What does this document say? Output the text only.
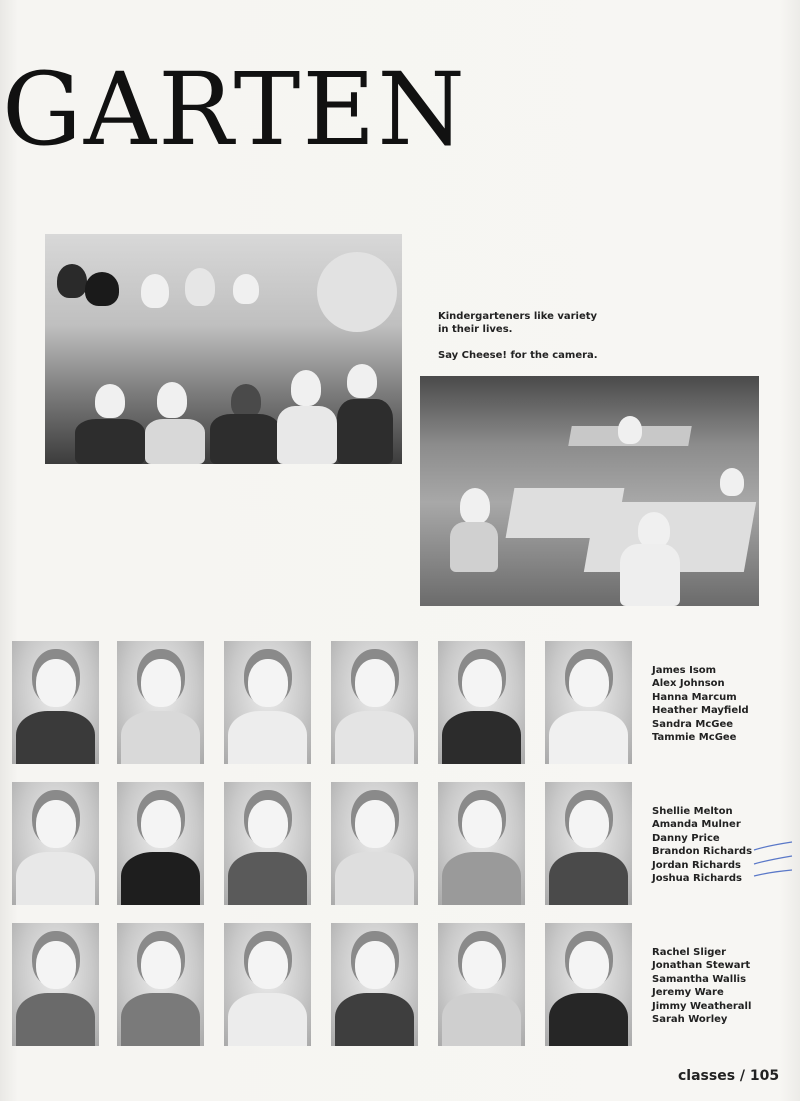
GARTEN
Kindergarteners like variety in their lives.
Say Cheese! for the camera.
James Isom
Alex Johnson
Hanna Marcum
Heather Mayfield
Sandra McGee
Tammie McGee
Shellie Melton
Amanda Mulner
Danny Price
Brandon Richards
Jordan Richards
Joshua Richards
Rachel Sliger
Jonathan Stewart
Samantha Wallis
Jeremy Ware
Jimmy Weatherall
Sarah Worley
classes / 105
